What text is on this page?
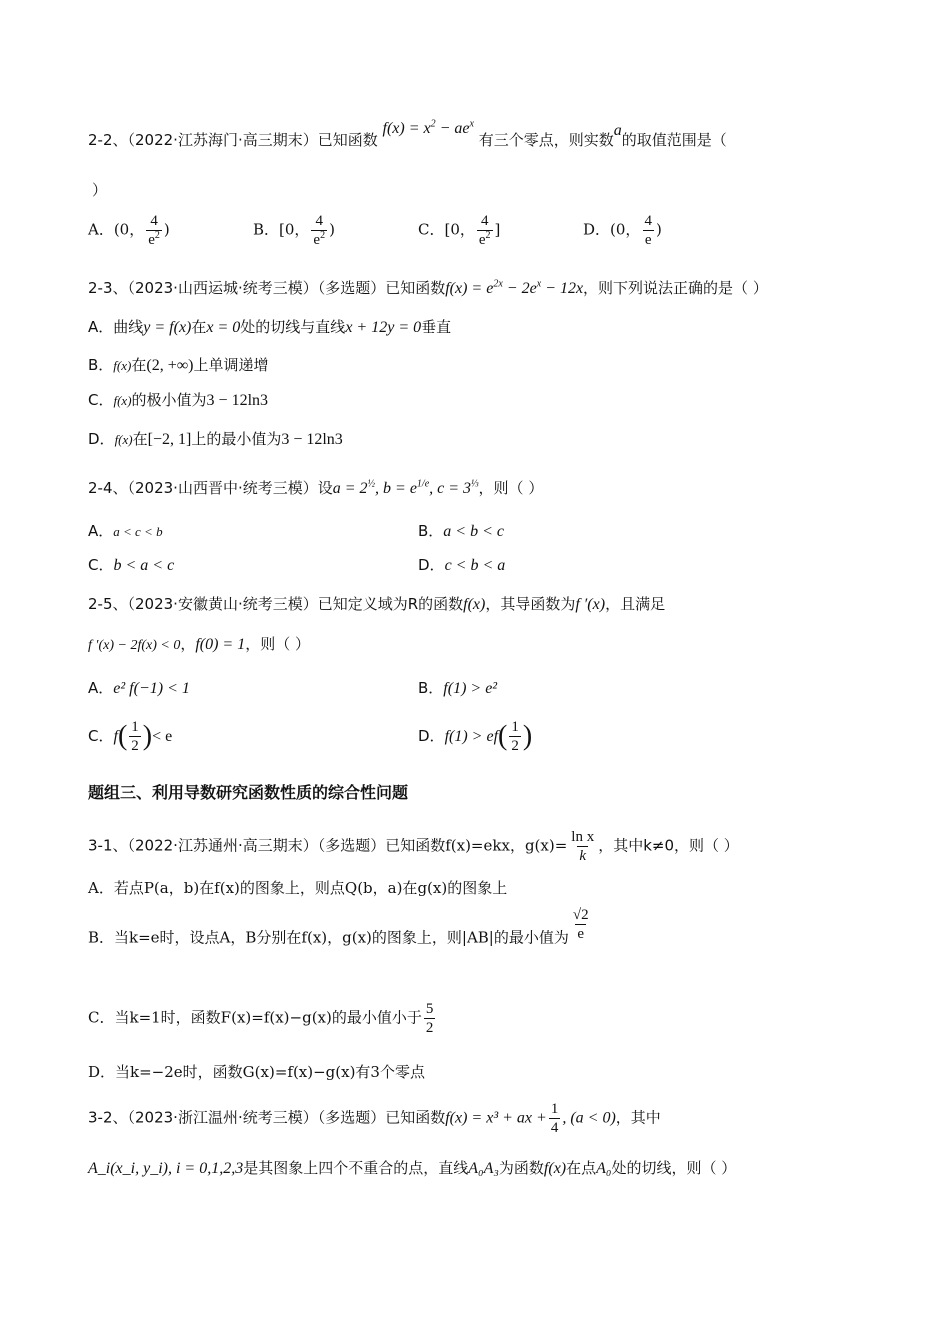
2-2、（2022·江苏海门·高三期末）已知函数 $f(x) = x^2 - ae^x$ 有三个零点，则实数a的取值范围是（
）
A．(0， $\frac{4}{e^2}$ )	B．[0， $\frac{4}{e^2}$ )	C．[0， $\frac{4}{e^2}$ ]	D．(0， $\frac{4}{e}$ )
2-3、（2023·山西运城·统考三模）（多选题）已知函数$f(x) = e^{2x} - 2e^x - 12x$，则下列说法正确的是（ ）
A．曲线y = f(x)在x = 0处的切线与直线x + 12y = 0垂直
B．f(x)在(2, +∞)上单调递增
C．f(x)的极小值为3 − 12ln3
D．f(x)在[−2, 1]上的最小值为3 − 12ln3
2-4、（2023·山西晋中·统考三模）设$a = 2^{\frac{1}{2}}$, $b = e^{1/e}$, $c = 3^{\frac{1}{3}}$，则（ ）
A．a < c < b	B．a < b < c
C．b < a < c	D．c < b < a
2-5、（2023·安徽黄山·统考三模）已知定义域为R的函数f(x)，其导函数为f ′(x)，且满足
f ′(x) − 2f(x) < 0，f(0) = 1，则（ ）
A．e² f(−1) < 1	B．f(1) > e²
C．$f( \frac{1}{2}$ )< e	D．$f(1) > ef( \frac{1}{2}$ )
题组三、利用导数研究函数性质的综合性问题
3-1、（2022·江苏通州·高三期末）（多选题）已知函数f(x)=ekx，$g(x)= \frac{\text{ln x}}{k}$ ，其中k≠0，则（ ）
A．若点P(a，b)在f(x)的图象上，则点Q(b，a)在g(x)的图象上
B．当k=e时，设点A，B分别在f(x)，g(x)的图象上，则|AB|的最小值为 $\frac{√2}{e}$
C．当k=1时，函数F(x)=f(x)−g(x)的最小值小于 $\frac{5}{2}$
D．当k=−2e时，函数G(x)=f(x)−g(x)有3个零点
3-2、（2023·浙江温州·统考三模）（多选题）已知函数f(x) = x³ + ax + $\frac{1}{4}$ , (a < 0)，其中
A_i(x_i, y_i), i = 0,1,2,3是其图象上四个不重合的点，直线A₀A₃为函数f(x)在点A₀处的切线，则（ ）
